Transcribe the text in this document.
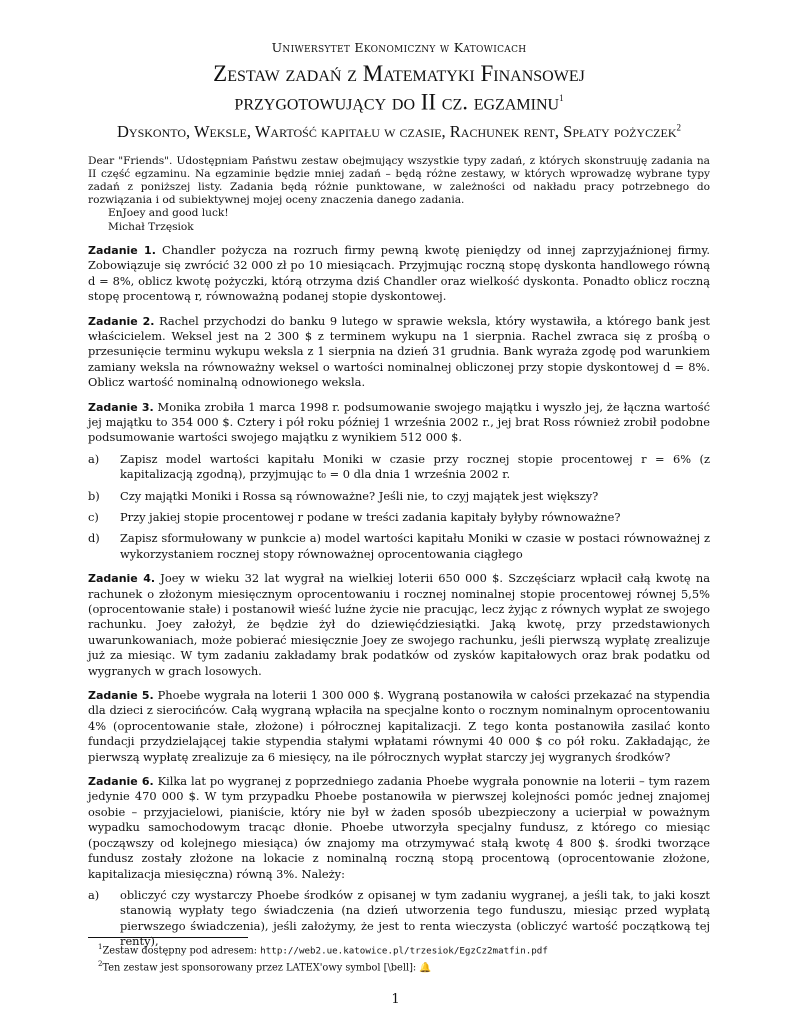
Uniwersytet Ekonomiczny w Katowicach
Zestaw zadań z Matematyki Finansowej
przygotowujący do II cz. egzaminu$^1$
Dyskonto, Weksle, Wartość kapitału w czasie, Rachunek rent, Spłaty pożyczek$^2$
Dear "Friends". Udostępniam Państwu zestaw obejmujący wszystkie typy zadań, z których skonstruuję zadania na II część egzaminu. Na egzaminie będzie mniej zadań – będą różne zestawy, w których wprowadzę wybrane typy zadań z poniższej listy. Zadania będą różnie punktowane, w zależności od nakładu pracy potrzebnego do rozwiązania i od subiektywnej mojej oceny znaczenia danego zadania.
EnJoey and good luck!
Michał Trzęsiok
Zadanie 1. Chandler pożycza na rozruch firmy pewną kwotę pieniędzy od innej zaprzyjaźnionej firmy. Zobowiązuje się zwrócić 32 000 zł po 10 miesiącach. Przyjmując roczną stopę dyskonta handlowego równą d = 8%, oblicz kwotę pożyczki, którą otrzyma dziś Chandler oraz wielkość dyskonta. Ponadto oblicz roczną stopę procentową r, równoważną podanej stopie dyskontowej.
Zadanie 2. Rachel przychodzi do banku 9 lutego w sprawie weksla, który wystawiła, a którego bank jest właścicielem. Weksel jest na 2 300 $ z terminem wykupu na 1 sierpnia. Rachel zwraca się z prośbą o przesunięcie terminu wykupu weksla z 1 sierpnia na dzień 31 grudnia. Bank wyraża zgodę pod warunkiem zamiany weksla na równoważny weksel o wartości nominalnej obliczonej przy stopie dyskontowej d = 8%. Oblicz wartość nominalną odnowionego weksla.
Zadanie 3. Monika zrobiła 1 marca 1998 r. podsumowanie swojego majątku i wyszło jej, że łączna wartość jej majątku to 354 000 $. Cztery i pół roku później 1 września 2002 r., jej brat Ross również zrobił podobne podsumowanie wartości swojego majątku z wynikiem 512 000 $.
a)	Zapisz model wartości kapitału Moniki w czasie przy rocznej stopie procentowej r = 6% (z kapitalizacją zgodną), przyjmując t₀ = 0 dla dnia 1 września 2002 r.
b)	Czy majątki Moniki i Rossa są równoważne? Jeśli nie, to czyj majątek jest większy?
c)	Przy jakiej stopie procentowej r podane w treści zadania kapitały byłyby równoważne?
d)	Zapisz sformułowany w punkcie a) model wartości kapitału Moniki w czasie w postaci równoważnej z wykorzystaniem rocznej stopy równoważnej oprocentowania ciągłego
Zadanie 4. Joey w wieku 32 lat wygrał na wielkiej loterii 650 000 $. Szczęściarz wpłacił całą kwotę na rachunek o złożonym miesięcznym oprocentowaniu i rocznej nominalnej stopie procentowej równej 5,5% (oprocentowanie stałe) i postanowił wieść luźne życie nie pracując, lecz żyjąc z równych wypłat ze swojego rachunku. Joey założył, że będzie żył do dziewięćdziesiątki. Jaką kwotę, przy przedstawionych uwarunkowaniach, może pobierać miesięcznie Joey ze swojego rachunku, jeśli pierwszą wypłatę zrealizuje już za miesiąc. W tym zadaniu zakładamy brak podatków od zysków kapitałowych oraz brak podatku od wygranych w grach losowych.
Zadanie 5. Phoebe wygrała na loterii 1 300 000 $. Wygraną postanowiła w całości przekazać na stypendia dla dzieci z sierocińców. Całą wygraną wpłaciła na specjalne konto o rocznym nominalnym oprocentowaniu 4% (oprocentowanie stałe, złożone) i półrocznej kapitalizacji. Z tego konta postanowiła zasilać konto fundacji przydzielającej takie stypendia stałymi wpłatami równymi 40 000 $ co pół roku. Zakładając, że pierwszą wypłatę zrealizuje za 6 miesięcy, na ile półrocznych wypłat starczy jej wygranych środków?
Zadanie 6. Kilka lat po wygranej z poprzedniego zadania Phoebe wygrała ponownie na loterii – tym razem jedynie 470 000 $. W tym przypadku Phoebe postanowiła w pierwszej kolejności pomóc jednej znajomej osobie – przyjacielowi, pianiście, który nie był w żaden sposób ubezpieczony a ucierpiał w poważnym wypadku samochodowym tracąc dłonie. Phoebe utworzyła specjalny fundusz, z którego co miesiąc (począwszy od kolejnego miesiąca) ów znajomy ma otrzymywać stałą kwotę 4 800 $. środki tworzące fundusz zostały złożone na lokacie z nominalną roczną stopą procentową (oprocentowanie złożone, kapitalizacja miesięczna) równą 3%. Należy:
a)	obliczyć czy wystarczy Phoebe środków z opisanej w tym zadaniu wygranej, a jeśli tak, to jaki koszt stanowią wypłaty tego świadczenia (na dzień utworzenia tego funduszu, miesiąc przed wypłatą pierwszego świadczenia), jeśli założymy, że jest to renta wieczysta (obliczyć wartość początkową tej renty),
$^1$Zestaw dostępny pod adresem: http://web2.ue.katowice.pl/trzesiok/EgzCz2matfin.pdf
$^2$Ten zestaw jest sponsorowany przez LATEX'owy symbol [\bell]: 🔔
1
